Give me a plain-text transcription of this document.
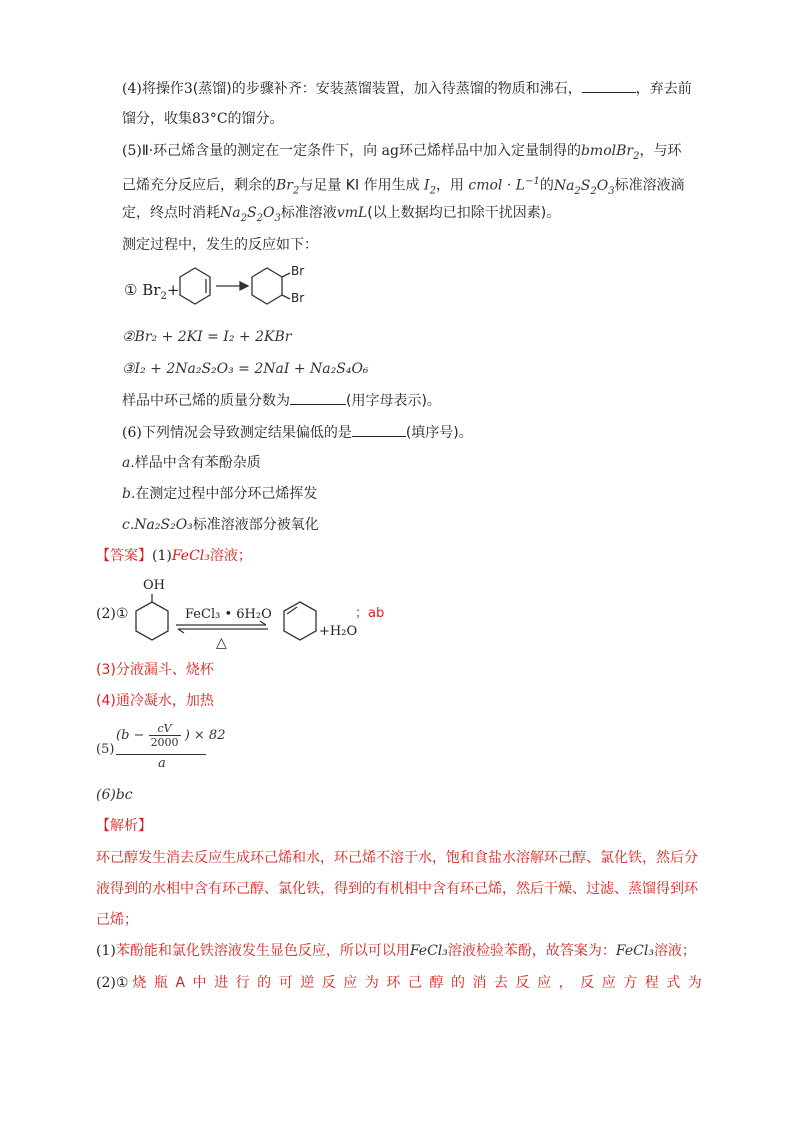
(4)将操作3(蒸馏)的步骤补齐：安装蒸馏装置，加入待蒸馏的物质和沸石，	，弃去前
馏分，收集83°C的馏分。
(5)Ⅱ·环己烯含量的测定在一定条件下，向 ag环己烯样品中加入定量制得的bmolBr$_2$，与环
己烯充分反应后，剩余的$Br_2$与足量 KI 作用生成 $I_2$，用 cmol · $L^{-1}$的$Na_2S_2O_3$标准溶液滴
定，终点时消耗$Na_2S_2O_3$标准溶液vmL(以上数据均已扣除干扰因素)。
测定过程中，发生的反应如下：
① $Br_2+$
Br
Br
②Br₂ + 2KI = I₂ + 2KBr
③I₂ + 2Na₂S₂O₃ = 2NaI + Na₂S₄O₆
样品中环己烯的质量分数为	(用字母表示)。
(6)下列情况会导致测定结果偏低的是	(填序号)。
a.样品中含有苯酚杂质
b.在测定过程中部分环己烯挥发
c.Na₂S₂O₃标准溶液部分被氧化
【答案】(1)FeCl₃溶液；
(2)①
OH
FeCl₃ • 6H₂O
△
+H₂O
；ab
(3)分液漏斗、烧杯
(4)通冷凝水，加热
(5)
($b - \frac{cV}{2000}$ ) × 82
a
(6)bc
【解析】
环己醇发生消去反应生成环己烯和水，环己烯不溶于水，饱和食盐水溶解环己醇、氯化铁，然后分
液得到的水相中含有环己醇、氯化铁，得到的有机相中含有环己烯，然后干燥、过滤、蒸馏得到环
己烯；
(1)苯酚能和氯化铁溶液发生显色反应，所以可以用FeCl₃溶液检验苯酚，故答案为：FeCl₃溶液；
(2)① 烧 瓶 A 中 进 行 的 可 逆 反 应 为 环 己 醇 的 消 去 反 应 ， 反 应 方 程 式 为
